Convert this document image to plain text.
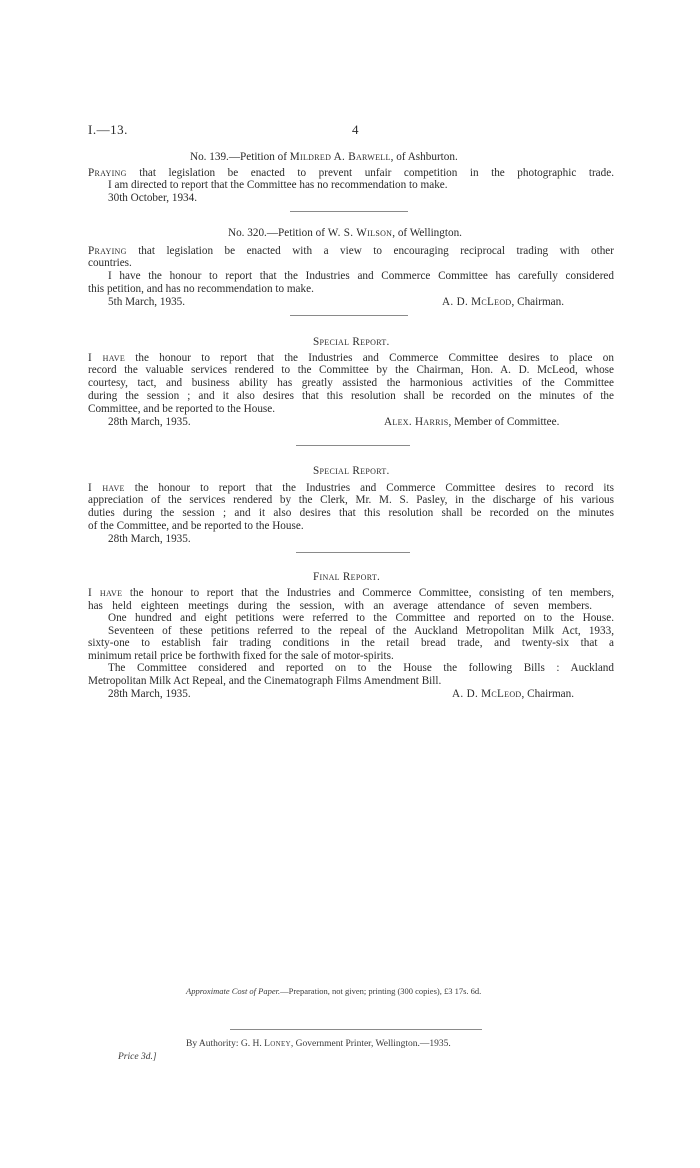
I.—13.	4
No. 139.—Petition of Mildred A. Barwell, of Ashburton.
Praying that legislation be enacted to prevent unfair competition in the photographic trade.
I am directed to report that the Committee has no recommendation to make.
30th October, 1934.
No. 320.—Petition of W. S. Wilson, of Wellington.
Praying that legislation be enacted with a view to encouraging reciprocal trading with other
countries.
I have the honour to report that the Industries and Commerce Committee has carefully considered
this petition, and has no recommendation to make.
5th March, 1935.	A. D. McLeod, Chairman.
Special Report.
I have the honour to report that the Industries and Commerce Committee desires to place on
record the valuable services rendered to the Committee by the Chairman, Hon. A. D. McLeod, whose
courtesy, tact, and business ability has greatly assisted the harmonious activities of the Committee
during the session ; and it also desires that this resolution shall be recorded on the minutes of the
Committee, and be reported to the House.
28th March, 1935.	Alex. Harris, Member of Committee.
Special Report.
I have the honour to report that the Industries and Commerce Committee desires to record its
appreciation of the services rendered by the Clerk, Mr. M. S. Pasley, in the discharge of his various
duties during the session ; and it also desires that this resolution shall be recorded on the minutes
of the Committee, and be reported to the House.
28th March, 1935.
Final Report.
I have the honour to report that the Industries and Commerce Committee, consisting of ten members,
has held eighteen meetings during the session, with an average attendance of seven members.
One hundred and eight petitions were referred to the Committee and reported on to the House.
Seventeen of these petitions referred to the repeal of the Auckland Metropolitan Milk Act, 1933,
sixty-one to establish fair trading conditions in the retail bread trade, and twenty-six that a
minimum retail price be forthwith fixed for the sale of motor-spirits.
The Committee considered and reported on to the House the following Bills : Auckland
Metropolitan Milk Act Repeal, and the Cinematograph Films Amendment Bill.
28th March, 1935.	A. D. McLeod, Chairman.
Approximate Cost of Paper.—Preparation, not given; printing (300 copies), £3 17s. 6d.
By Authority: G. H. Loney, Government Printer, Wellington.—1935.
Price 3d.]
